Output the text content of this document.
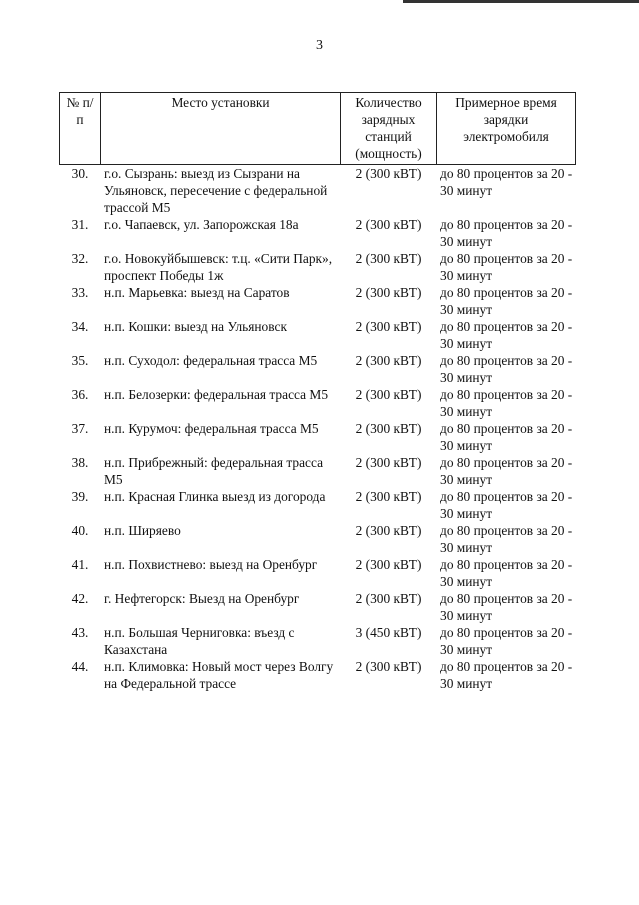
3
№ п/п	Место установки	Количество зарядных станций (мощность)	Примерное время зарядки электромобиля
30.	г.о. Сызрань: выезд из Сызрани на Ульяновск, пересечение с федеральной трассой М5	2 (300 кВТ)	до 80 процентов за 20 - 30 минут
31.	г.о. Чапаевск, ул. Запорожская 18а	2 (300 кВТ)	до 80 процентов за 20 - 30 минут
32.	г.о. Новокуйбышевск: т.ц. «Сити Парк», проспект Победы 1ж	2 (300 кВТ)	до 80 процентов за 20 - 30 минут
33.	н.п. Марьевка: выезд на Саратов	2 (300 кВТ)	до 80 процентов за 20 - 30 минут
34.	н.п. Кошки: выезд на Ульяновск	2 (300 кВТ)	до 80 процентов за 20 - 30 минут
35.	н.п. Суходол: федеральная трасса М5	2 (300 кВТ)	до 80 процентов за 20 - 30 минут
36.	н.п. Белозерки: федеральная трасса М5	2 (300 кВТ)	до 80 процентов за 20 - 30 минут
37.	н.п. Курумоч: федеральная трасса М5	2 (300 кВТ)	до 80 процентов за 20 - 30 минут
38.	н.п. Прибрежный: федеральная трасса М5	2 (300 кВТ)	до 80 процентов за 20 - 30 минут
39.	н.п. Красная Глинка выезд из догорода	2 (300 кВТ)	до 80 процентов за 20 - 30 минут
40.	н.п. Ширяево	2 (300 кВТ)	до 80 процентов за 20 - 30 минут
41.	н.п. Похвистнево: выезд на Оренбург	2 (300 кВТ)	до 80 процентов за 20 - 30 минут
42.	г. Нефтегорск: Выезд на Оренбург	2 (300 кВТ)	до 80 процентов за 20 - 30 минут
43.	н.п. Большая Черниговка: въезд с Казахстана	3 (450 кВТ)	до 80 процентов за 20 - 30 минут
44.	н.п. Климовка: Новый мост через Волгу на Федеральной трассе	2 (300 кВТ)	до 80 процентов за 20 - 30 минут
